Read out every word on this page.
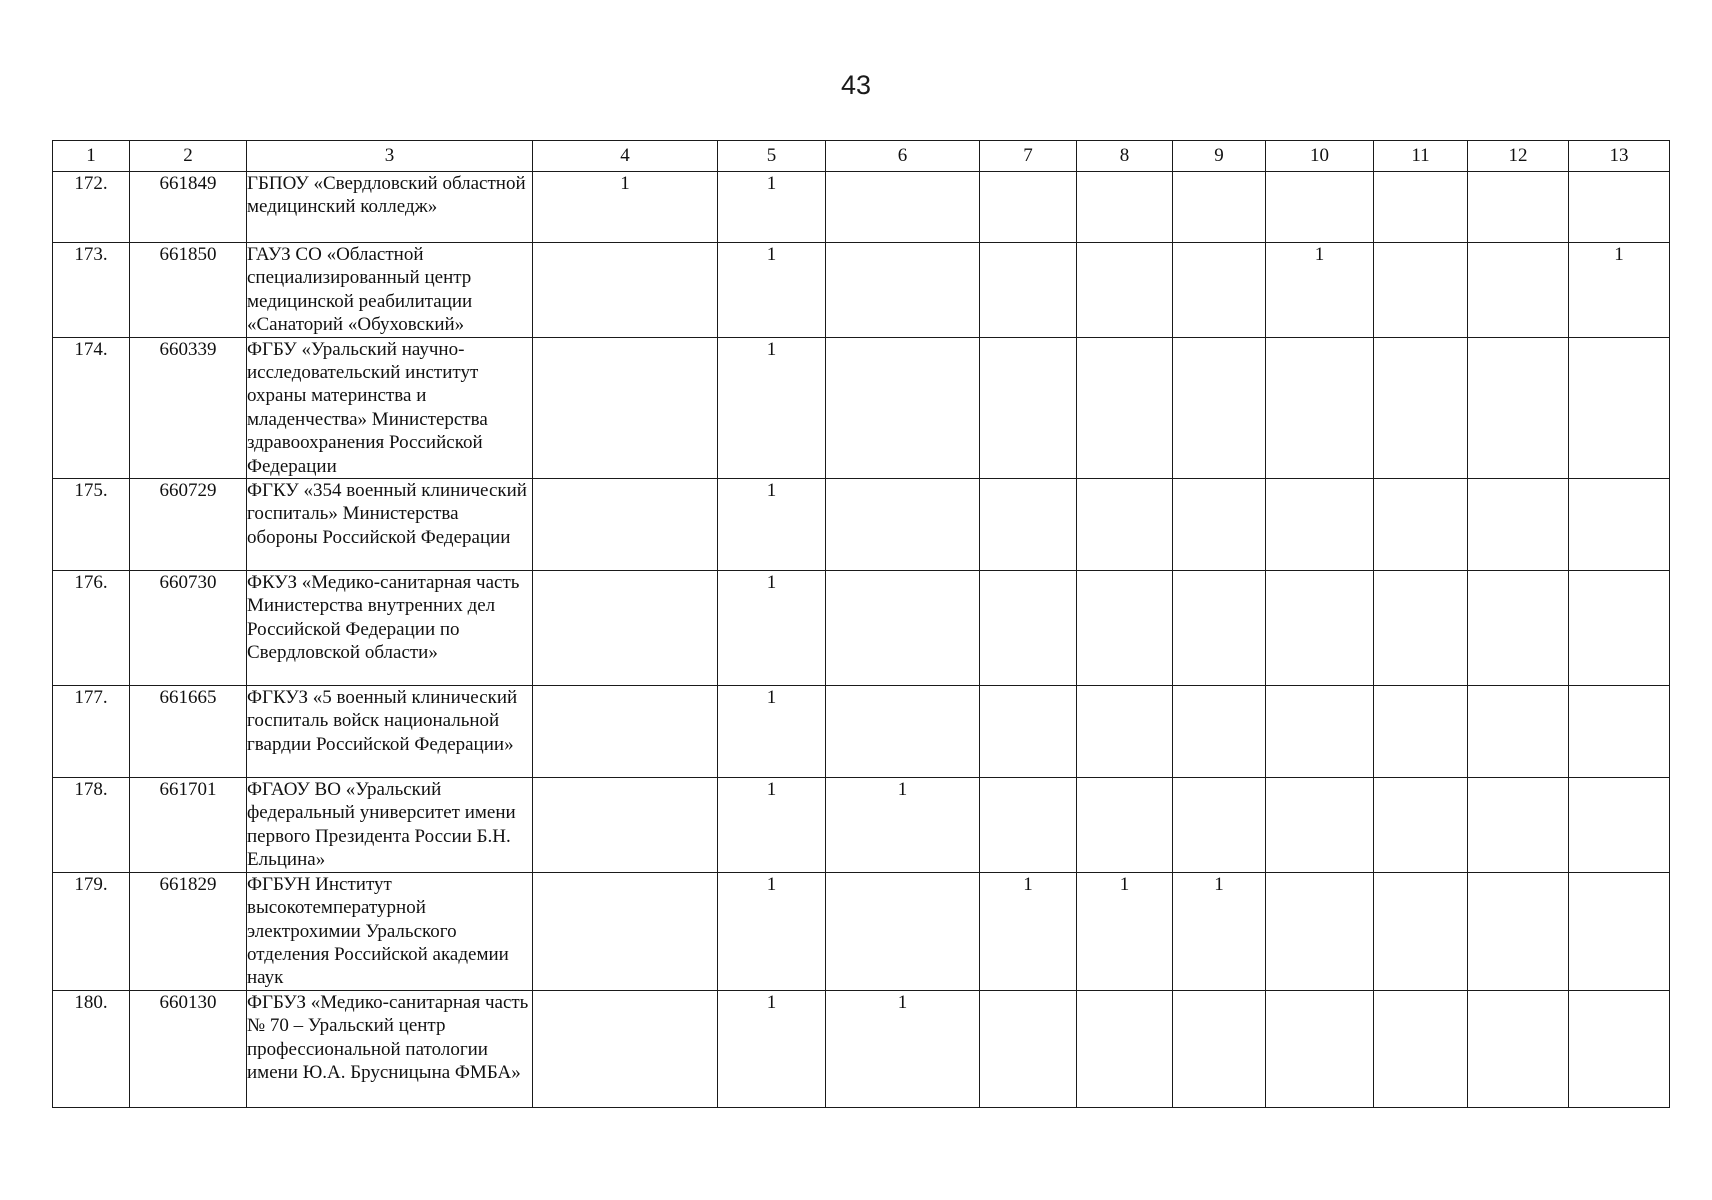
43
1	2	3	4	5	6	7	8	9	10	11	12	13
172.	661849	ГБПОУ «Свердловский областной медицинский колледж»	1	1								
173.	661850	ГАУЗ СО «Областной специализированный центр медицинской реабилитации «Санаторий «Обуховский»		1					1			1
174.	660339	ФГБУ «Уральский научно-исследовательский институт охраны материнства и младенчества» Министерства здравоохранения Российской Федерации		1								
175.	660729	ФГКУ «354 военный клинический госпиталь» Министерства обороны Российской Федерации		1								
176.	660730	ФКУЗ «Медико-санитарная часть Министерства внутренних дел Российской Федерации по Свердловской области»		1								
177.	661665	ФГКУЗ «5 военный клинический госпиталь войск национальной гвардии Российской Федерации»		1								
178.	661701	ФГАОУ ВО «Уральский федеральный университет имени первого Президента России Б.Н. Ельцина»		1	1							
179.	661829	ФГБУН Институт высокотемпературной электрохимии Уральского отделения Российской академии наук		1		1	1	1				
180.	660130	ФГБУЗ «Медико-санитарная часть № 70 – Уральский центр профессиональной патологии имени Ю.А. Брусницына ФМБА»		1	1							
